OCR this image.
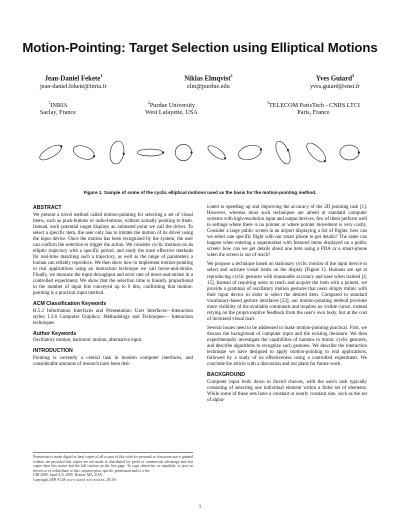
Motion-Pointing: Target Selection using Elliptical Motions
Jean-Daniel Fekete$^1$
jean-daniel.fekete@inria.fr
Niklas Elmqvist$^2$
elm@purdue.edu
Yves Guiard$^3$
yves.guiard@enst.fr
$^1$INRIA
Saclay, France
$^2$Purdue University
West Lafayette, USA
$^3$TELECOM ParisTech - CNRS LTCI
Paris, France
Figure 1. Sample of some of the cyclic elliptical motions used as the basis for the motion-pointing method.
ABSTRACT

We present a novel method called motion-pointing for selecting a set of visual items, such as push-buttons or radio-buttons, without actually pointing to them. Instead, each potential target displays an animated point we call the driver. To select a specific item, the user only has to imitate the motion of its driver using the input device. Once the motion has been recognized by the system, the user can confirm the selection to trigger the action. We consider cyclic motions on an elliptic trajectory with a specific period, and study the most effective methods for real-time matching such a trajectory, as well as the range of parameters a human can reliably reproduce. We then show how to implement motion-pointing in real applications using an interaction technique we call move-and-stroke. Finally, we measure the input throughput and error rate of move-and-stroke in a controlled experiment. We show that the selection time is linearly proportional to the number of input bits conveyed up to 6 bits, confirming that motion-pointing is a practical input method.

ACM Classification Keywords

H.5.2 Information Interfaces and Presentation: User Interfaces—Interaction styles; I.3.6 Computer Graphics: Methodology and Techniques— Interaction techniques

Author Keywords

Oscillatory motion, harmonic motion, alternative input.

INTRODUCTION

Pointing is currently a central task in modern computer interfaces, and considerable amounts of research have been ded-

Permission to make digital or hard copies of all or part of this work for personal or classroom use is granted without fee provided that copies are not made or distributed for profit or commercial advantage and that copies bear this notice and the full citation on the first page. To copy otherwise, or republish, to post on servers or to redistribute to lists, requires prior specific permission and/or a fee.
CHI 2009, April 4–9, 2009, Boston, MA, USA.
Copyright 2009 ACM xxx-x-xxxxx-xxx-x/xx/xx...$5.00.

icated to speeding up and improving the accuracy of the 2D pointing task [1]. However, whereas most such techniques are aimed at standard computer systems with high-resolution input and output devices, few of them perform well in settings where there is no pointer or where pointer movement is very costly. Consider a large public screen in an airport displaying a list of flights: how can we select one specific flight with our smart phone to get details? The same can happen when entering a supermarket with featured items displayed on a public screen: how can we get details about one item using a PDA or a smart-phone when the screen is out of reach?

We propose a technique based on stationary cyclic motion of the input device to select and activate visual items on the display (Figure 1). Humans are apt at reproducing cyclic gestures with reasonable accuracy and ease when trained [4, 15]. Instead of requiring users to reach and acquire the item with a pointer, we provide a grammar of oscillatory motion gestures that users simply mimic with their input device in order to select the desired item. Compared to standard vocabulary-based gesture interfaces [23], our motion-pointing method provides more visibility of the available commands and requires no visible cursor, instead relying on the proprioceptive feedback from the user's own body, but at the cost of increased visual load.

Several issues need to be addressed to make motion-pointing practical. First, we discuss the background of computer input and the existing literature. We then experimentally investigate the capabilities of humans to mimic cyclic gestures, and describe algorithms to recognize such gestures. We describe the interaction technique we have designed to apply motion-pointing to real applications, followed by a study of its effectiveness using a controlled experiment. We conclude the article with a discussion and our plans for future work.

BACKGROUND

Computer input boils down to forced choices, with the user's task typically consisting of selecting one individual element within a finite set of elements. While some of these sets have a constant or nearly constant size, such as the set of alpha-

1
